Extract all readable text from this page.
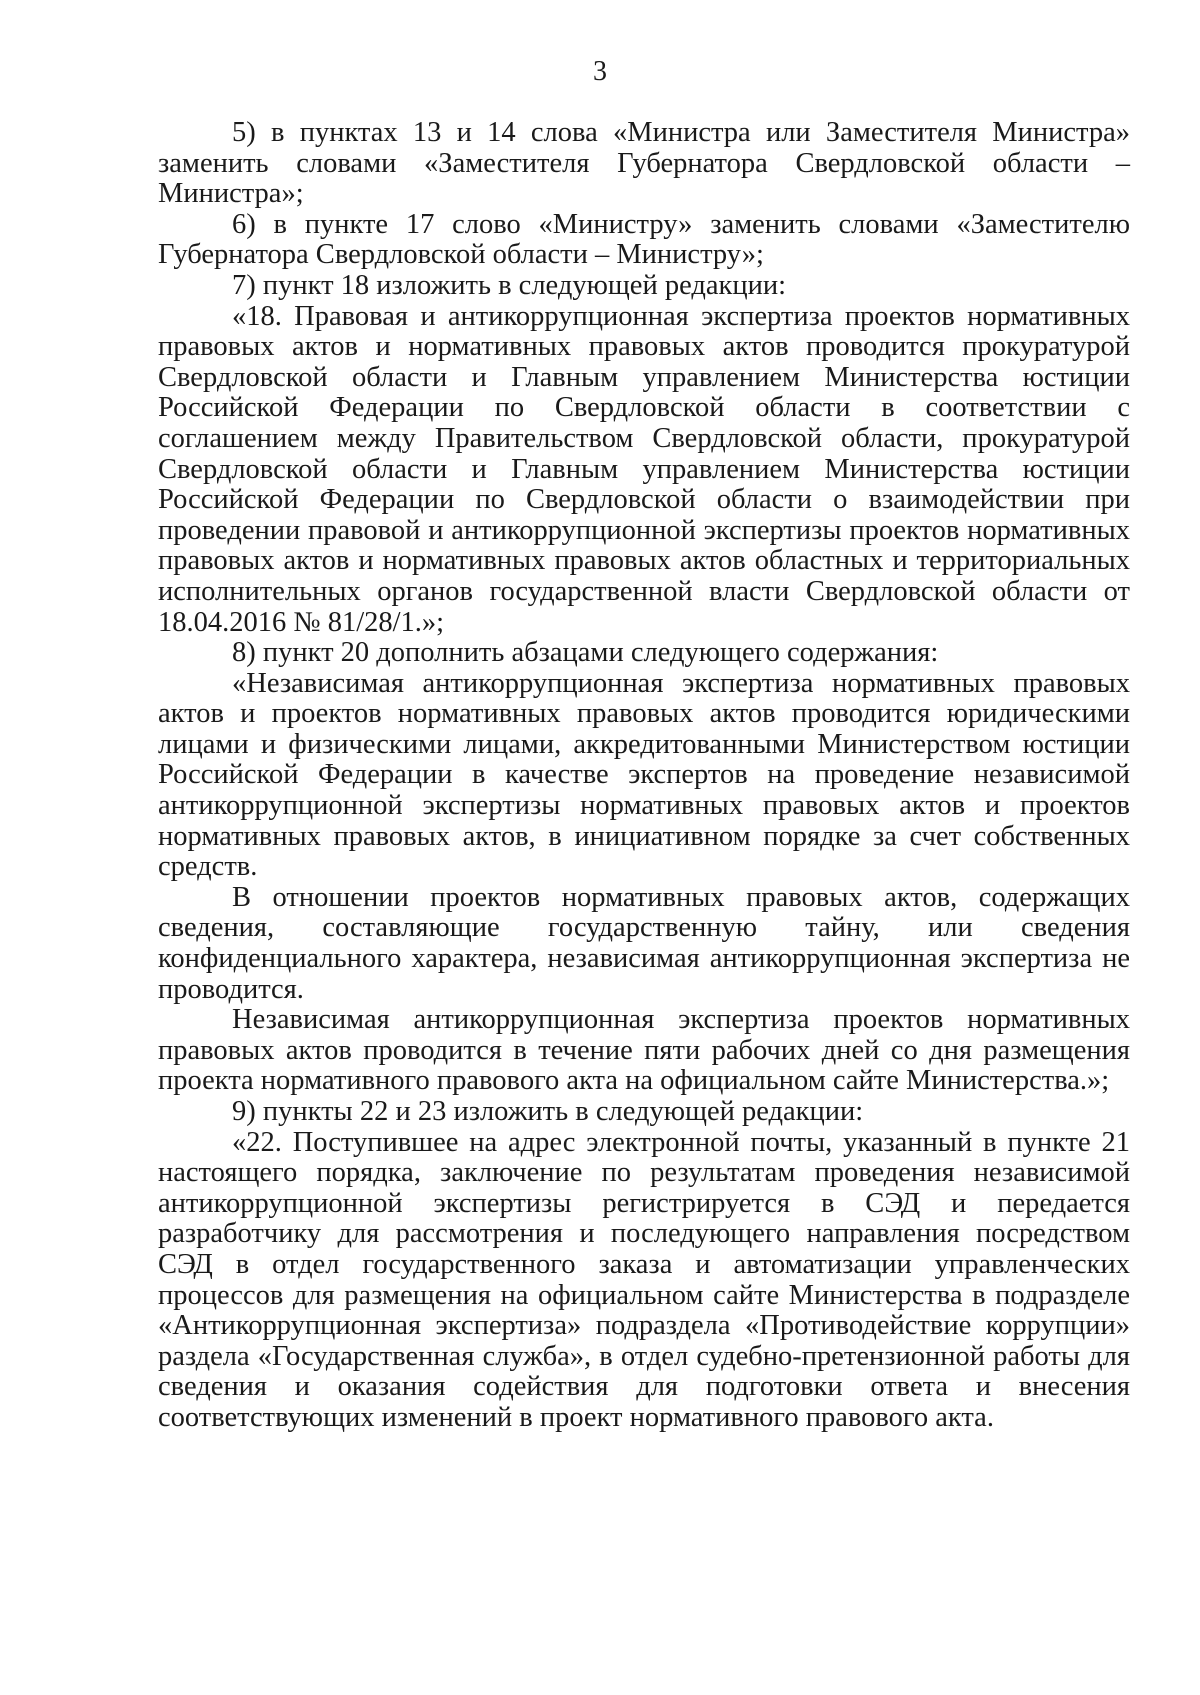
3

5) в пунктах 13 и 14 слова «Министра или Заместителя Министра» заменить словами «Заместителя Губернатора Свердловской области – Министра»;

6) в пункте 17 слово «Министру» заменить словами «Заместителю Губернатора Свердловской области – Министру»;

7) пункт 18 изложить в следующей редакции:

«18. Правовая и антикоррупционная экспертиза проектов нормативных правовых актов и нормативных правовых актов проводится прокуратурой Свердловской области и Главным управлением Министерства юстиции Российской Федерации по Свердловской области в соответствии с соглашением между Правительством Свердловской области, прокуратурой Свердловской области и Главным управлением Министерства юстиции Российской Федерации по Свердловской области о взаимодействии при проведении правовой и антикоррупционной экспертизы проектов нормативных правовых актов и нормативных правовых актов областных и территориальных исполнительных органов государственной власти Свердловской области от 18.04.2016 № 81/28/1.»;

8) пункт 20 дополнить абзацами следующего содержания:

«Независимая антикоррупционная экспертиза нормативных правовых актов и проектов нормативных правовых актов проводится юридическими лицами и физическими лицами, аккредитованными Министерством юстиции Российской Федерации в качестве экспертов на проведение независимой антикоррупционной экспертизы нормативных правовых актов и проектов нормативных правовых актов, в инициативном порядке за счет собственных средств.

В отношении проектов нормативных правовых актов, содержащих сведения, составляющие государственную тайну, или сведения конфиденциального характера, независимая антикоррупционная экспертиза не проводится.

Независимая антикоррупционная экспертиза проектов нормативных правовых актов проводится в течение пяти рабочих дней со дня размещения проекта нормативного правового акта на официальном сайте Министерства.»;

9) пункты 22 и 23 изложить в следующей редакции:

«22. Поступившее на адрес электронной почты, указанный в пункте 21 настоящего порядка, заключение по результатам проведения независимой антикоррупционной экспертизы регистрируется в СЭД и передается разработчику для рассмотрения и последующего направления посредством СЭД в отдел государственного заказа и автоматизации управленческих процессов для размещения на официальном сайте Министерства в подразделе «Антикоррупционная экспертиза» подраздела «Противодействие коррупции» раздела «Государственная служба», в отдел судебно-претензионной работы для сведения и оказания содействия для подготовки ответа и внесения соответствующих изменений в проект нормативного правового акта.
